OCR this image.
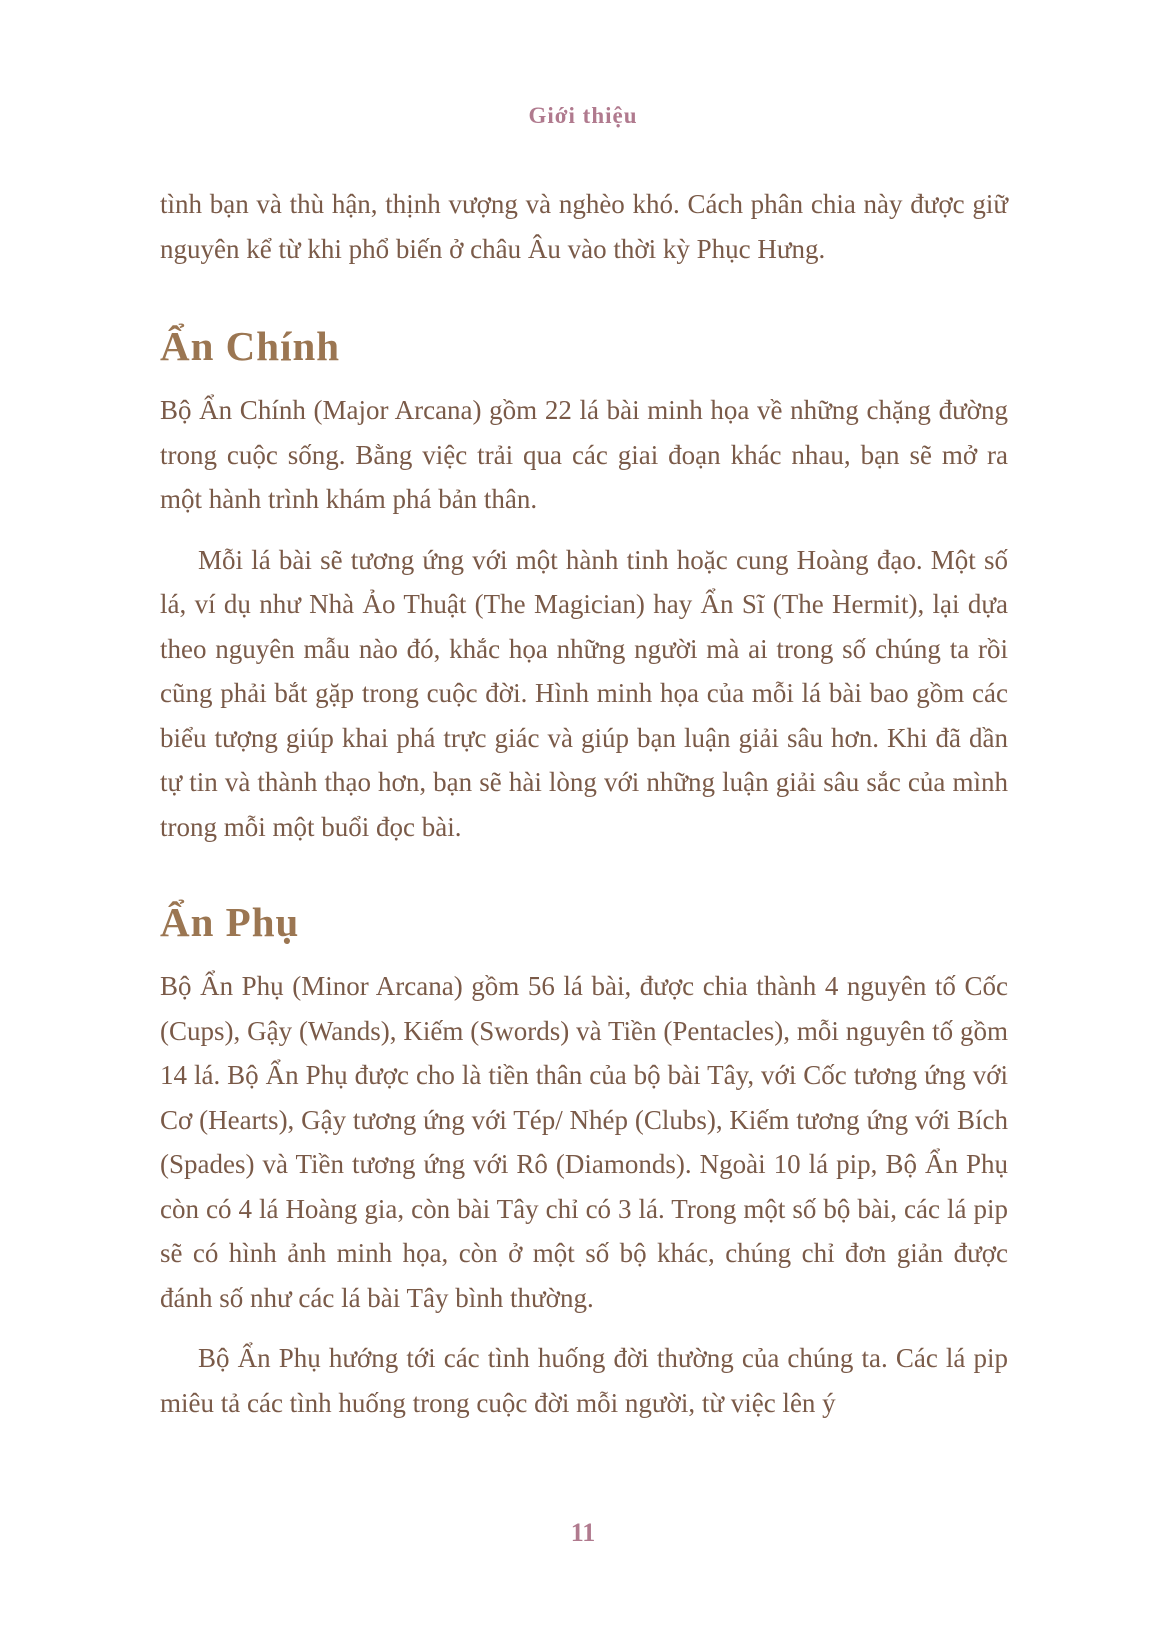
Giới thiệu

tình bạn và thù hận, thịnh vượng và nghèo khó. Cách phân chia này được giữ nguyên kể từ khi phổ biến ở châu Âu vào thời kỳ Phục Hưng.

Ẩn Chính

Bộ Ẩn Chính (Major Arcana) gồm 22 lá bài minh họa về những chặng đường trong cuộc sống. Bằng việc trải qua các giai đoạn khác nhau, bạn sẽ mở ra một hành trình khám phá bản thân.

Mỗi lá bài sẽ tương ứng với một hành tinh hoặc cung Hoàng đạo. Một số lá, ví dụ như Nhà Ảo Thuật (The Magician) hay Ẩn Sĩ (The Hermit), lại dựa theo nguyên mẫu nào đó, khắc họa những người mà ai trong số chúng ta rồi cũng phải bắt gặp trong cuộc đời. Hình minh họa của mỗi lá bài bao gồm các biểu tượng giúp khai phá trực giác và giúp bạn luận giải sâu hơn. Khi đã dần tự tin và thành thạo hơn, bạn sẽ hài lòng với những luận giải sâu sắc của mình trong mỗi một buổi đọc bài.

Ẩn Phụ

Bộ Ẩn Phụ (Minor Arcana) gồm 56 lá bài, được chia thành 4 nguyên tố Cốc (Cups), Gậy (Wands), Kiếm (Swords) và Tiền (Pentacles), mỗi nguyên tố gồm 14 lá. Bộ Ẩn Phụ được cho là tiền thân của bộ bài Tây, với Cốc tương ứng với Cơ (Hearts), Gậy tương ứng với Tép/ Nhép (Clubs), Kiếm tương ứng với Bích (Spades) và Tiền tương ứng với Rô (Diamonds). Ngoài 10 lá pip, Bộ Ẩn Phụ còn có 4 lá Hoàng gia, còn bài Tây chỉ có 3 lá. Trong một số bộ bài, các lá pip sẽ có hình ảnh minh họa, còn ở một số bộ khác, chúng chỉ đơn giản được đánh số như các lá bài Tây bình thường.

Bộ Ẩn Phụ hướng tới các tình huống đời thường của chúng ta. Các lá pip miêu tả các tình huống trong cuộc đời mỗi người, từ việc lên ý

11
